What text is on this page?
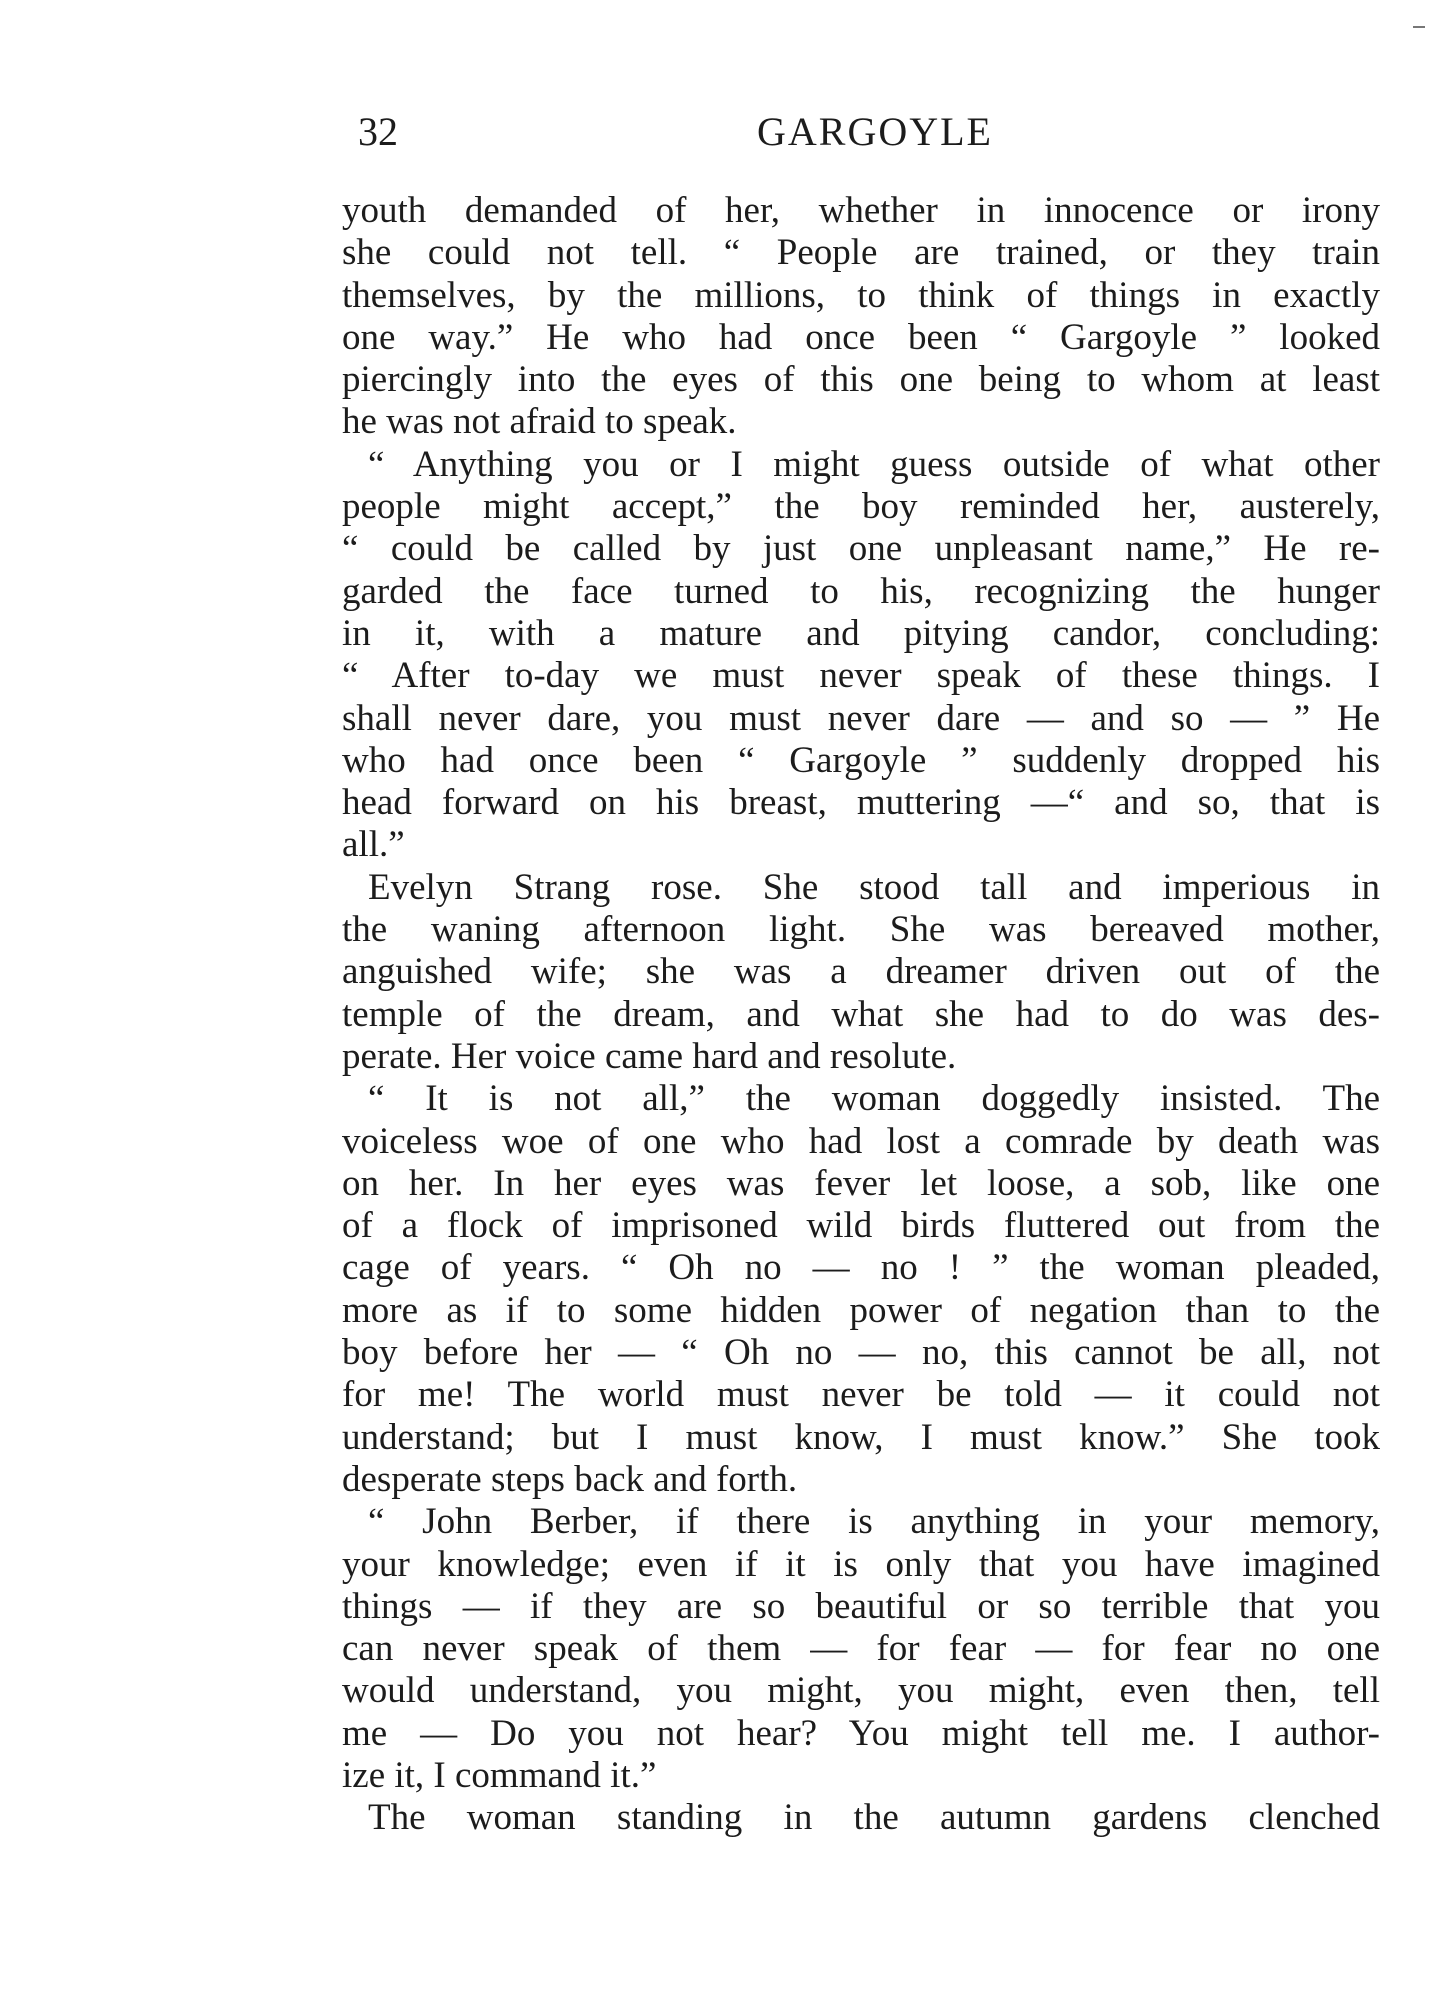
32	GARGOYLE
youth demanded of her, whether in innocence or irony
she could not tell. “ People are trained, or they train
themselves, by the millions, to think of things in exactly
one way.” He who had once been “ Gargoyle ” looked
piercingly into the eyes of this one being to whom at least
he was not afraid to speak.
“ Anything you or I might guess outside of what other
people might accept,” the boy reminded her, austerely,
“ could be called by just one unpleasant name,” He re-
garded the face turned to his, recognizing the hunger
in it, with a mature and pitying candor, concluding:
“ After to-day we must never speak of these things. I
shall never dare, you must never dare — and so — ” He
who had once been “ Gargoyle ” suddenly dropped his
head forward on his breast, muttering —“ and so, that is
all.”
Evelyn Strang rose. She stood tall and imperious in
the waning afternoon light. She was bereaved mother,
anguished wife; she was a dreamer driven out of the
temple of the dream, and what she had to do was des-
perate. Her voice came hard and resolute.
“ It is not all,” the woman doggedly insisted. The
voiceless woe of one who had lost a comrade by death was
on her. In her eyes was fever let loose, a sob, like one
of a flock of imprisoned wild birds fluttered out from the
cage of years. “ Oh no — no ! ” the woman pleaded,
more as if to some hidden power of negation than to the
boy before her — “ Oh no — no, this cannot be all, not
for me! The world must never be told — it could not
understand; but I must know, I must know.” She took
desperate steps back and forth.
“ John Berber, if there is anything in your memory,
your knowledge; even if it is only that you have imagined
things — if they are so beautiful or so terrible that you
can never speak of them — for fear — for fear no one
would understand, you might, you might, even then, tell
me — Do you not hear? You might tell me. I author-
ize it, I command it.”
The woman standing in the autumn gardens clenched
